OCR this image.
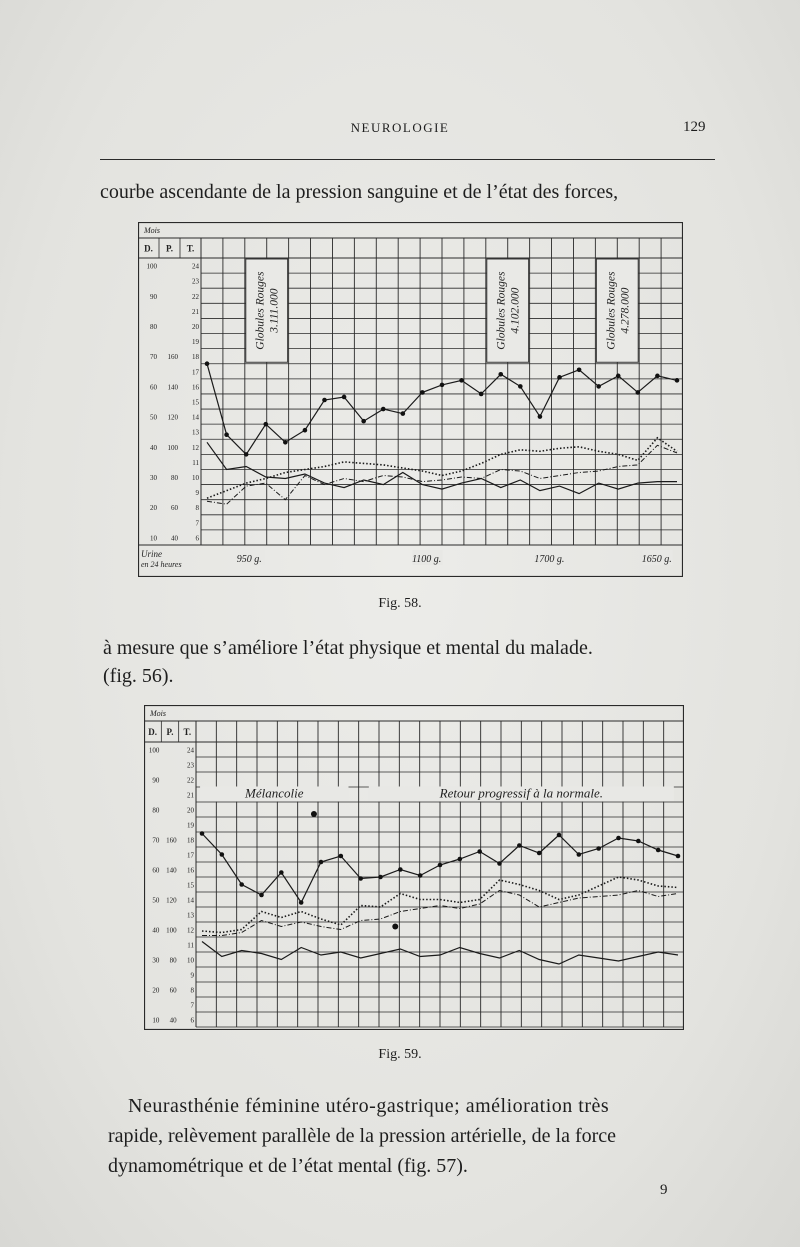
NEUROLOGIE	129

courbe ascendante de la pression sanguine et de l’état des forces,

Mois
D. P. T.
100	24
23
90	22
21
80	20
19
70 160 18
17
60 140 16
15
50 120 14
13
40 100 12
11
30 80 10
9
20 60	8
7
10 40	6
Globules Rouges 3.111.000	Globules Rouges 4.102.000	Globules Rouges 4.278.000
Urine
en 24 heures	950 g.	1100 g.	1700 g.	1650 g.
Fig. 58.

à mesure que s’améliore l’état physique et mental du malade.

(fig. 56).

Mois
D. P. T.
100	24
23
90	22
21
80	20
19
70 160 18
17
60 140 16
15
50 120 14
13
40 100 12
11
30 80 10
9
20 60 8
7
10 40 6
Mélancolie	Retour progressif à la normale.
Fig. 59.

Neurasthénie féminine utéro-gastrique; amélioration très

rapide, relèvement parallèle de la pression artérielle, de la force

dynamométrique et de l’état mental (fig. 57).

9
